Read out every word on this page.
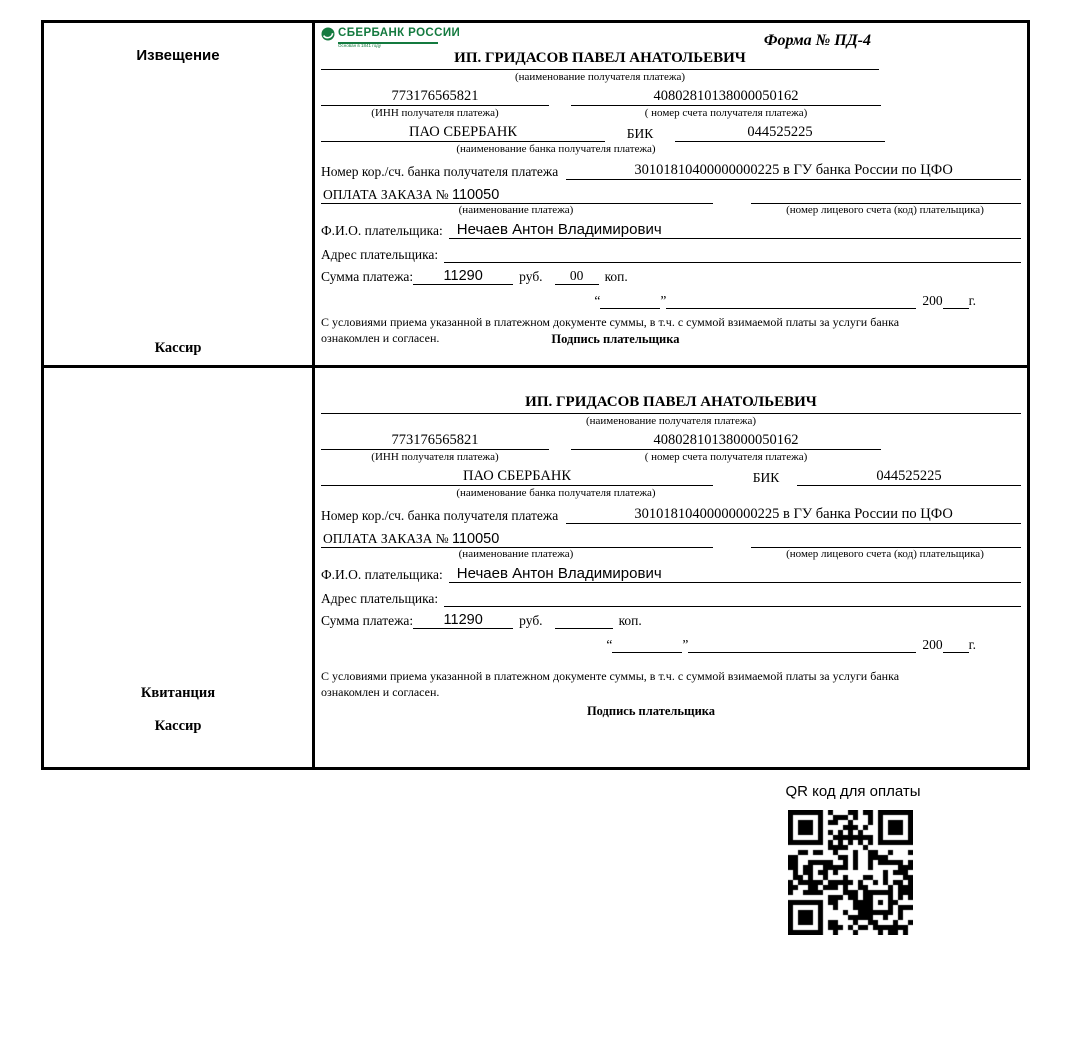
Извещение
Кассир
СБЕРБАНК РОССИИ
Основан в 1841 году	Форма № ПД-4
ИП. ГРИДАСОВ ПАВЕЛ АНАТОЛЬЕВИЧ
(наименование получателя платежа)
773176565821	40802810138000050162
(ИНН получателя платежа)	( номер счета получателя платежа)
ПАО СБЕРБАНК	БИК	044525225
(наименование банка получателя платежа)
Номер кор./сч. банка получателя платежа	30101810400000000225 в ГУ банка России по ЦФО
ОПЛАТА ЗАКАЗА № 110050
(наименование платежа)	(номер лицевого счета (код) плательщика)
Ф.И.О. плательщика: Нечаев Антон Владимирович
Адрес плательщика:
Сумма платежа:	11290	руб.	00	коп.
“	”	200 г.
С условиями приема указанной в платежном документе суммы, в т.ч. с суммой взимаемой платы за услуги банка
ознакомлен и согласен.	Подпись плательщика
Квитанция
Кассир
ИП. ГРИДАСОВ ПАВЕЛ АНАТОЛЬЕВИЧ
(наименование получателя платежа)
773176565821	40802810138000050162
(ИНН получателя платежа)	( номер счета получателя платежа)
ПАО СБЕРБАНК	БИК	044525225
(наименование банка получателя платежа)
Номер кор./сч. банка получателя платежа	30101810400000000225 в ГУ банка России по ЦФО
ОПЛАТА ЗАКАЗА № 110050
(наименование платежа)	(номер лицевого счета (код) плательщика)
Ф.И.О. плательщика: Нечаев Антон Владимирович
Адрес плательщика:
Сумма платежа:	11290	руб.	коп.
“	”	200 г.
С условиями приема указанной в платежном документе суммы, в т.ч. с суммой взимаемой платы за услуги банка
ознакомлен и согласен.
Подпись плательщика
QR код для оплаты
